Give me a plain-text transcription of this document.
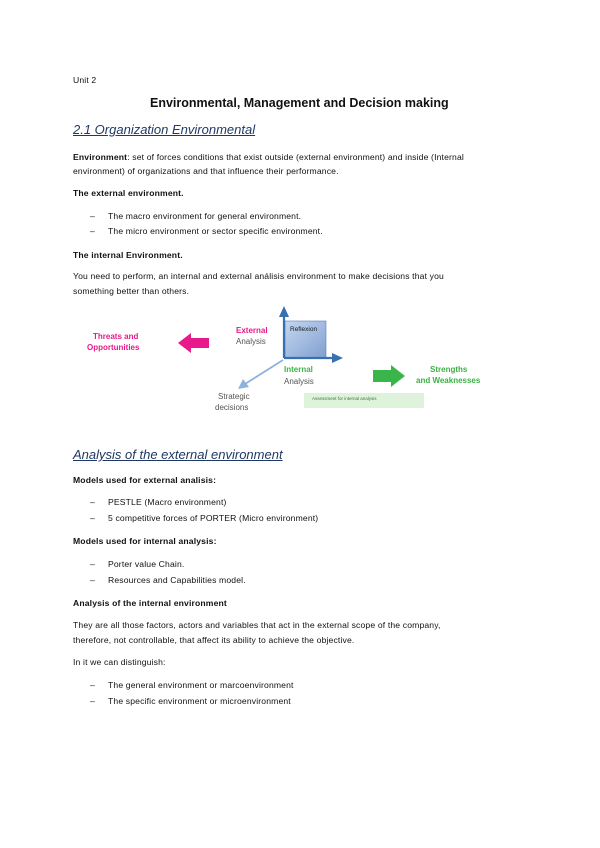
Unit 2
Environmental, Management and Decision making
2.1 Organization Environmental
Environment: set of forces conditions that exist outside (external environment) and inside (Internal
environment) of organizations and that influence their performance.
The external environment.
– The macro environment for general environment.
– The micro environment or sector specific environment.
The internal Environment.
You need to perform, an internal and external análisis environment to make decisions that you
something better than others.
Assessment for internal analysis
Reflexion
Threats and
Opportunities
External
Analysis
Internal
Analysis
Strategic
decisions
Strengths
and Weaknesses
Analysis of the external environment
Models used for external analisis:
– PESTLE (Macro environment)
– 5 competitive forces of PORTER (Micro environment)
Models used for internal analysis:
– Porter value Chain.
– Resources and Capabilities model.
Analysis of the internal environment
They are all those factors, actors and variables that act in the external scope of the company,
therefore, not controllable, that affect its ability to achieve the objective.
In it we can distinguish:
– The general environment or marcoenvironment
– The specific environment or microenvironment
